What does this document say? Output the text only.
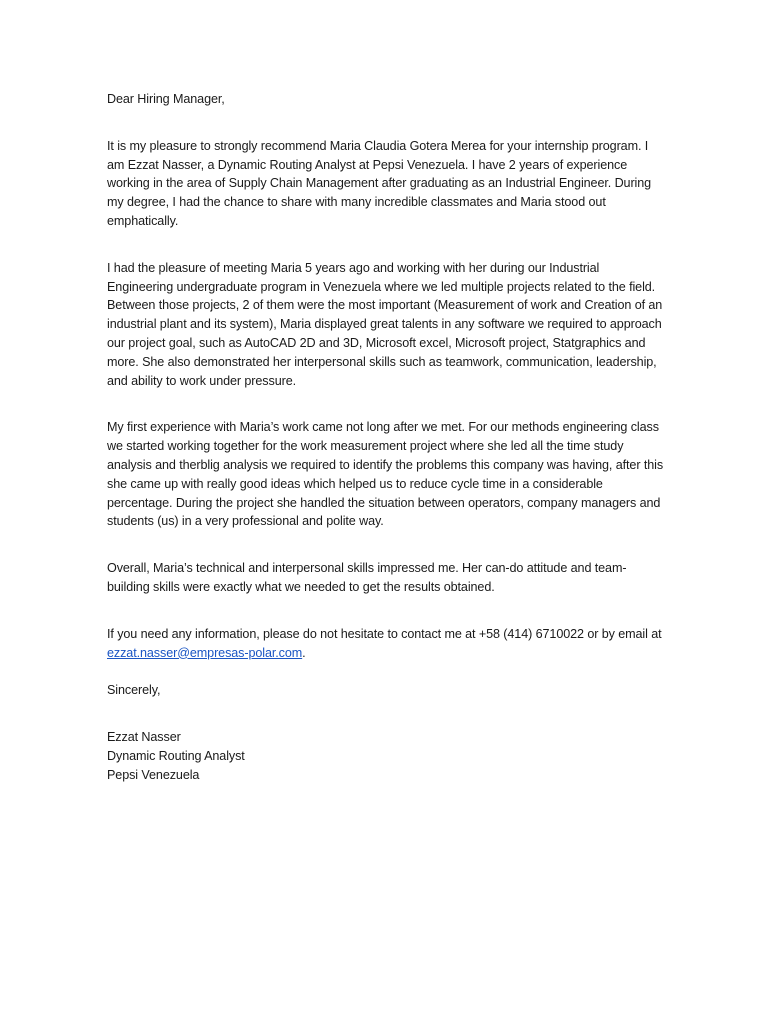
Dear Hiring Manager,

It is my pleasure to strongly recommend Maria Claudia Gotera Merea for your internship program. I am Ezzat Nasser, a Dynamic Routing Analyst at Pepsi Venezuela. I have 2 years of experience working in the area of Supply Chain Management after graduating as an Industrial Engineer. During my degree, I had the chance to share with many incredible classmates and Maria stood out emphatically.

I had the pleasure of meeting Maria 5 years ago and working with her during our Industrial Engineering undergraduate program in Venezuela where we led multiple projects related to the field. Between those projects, 2 of them were the most important (Measurement of work and Creation of an industrial plant and its system), Maria displayed great talents in any software we required to approach our project goal, such as AutoCAD 2D and 3D, Microsoft excel, Microsoft project, Statgraphics and more. She also demonstrated her interpersonal skills such as teamwork, communication, leadership, and ability to work under pressure.

My first experience with Maria’s work came not long after we met. For our methods engineering class we started working together for the work measurement project where she led all the time study analysis and therblig analysis we required to identify the problems this company was having, after this she came up with really good ideas which helped us to reduce cycle time in a considerable percentage. During the project she handled the situation between operators, company managers and students (us) in a very professional and polite way.

Overall, Maria’s technical and interpersonal skills impressed me. Her can-do attitude and team-building skills were exactly what we needed to get the results obtained.

If you need any information, please do not hesitate to contact me at +58 (414) 6710022 or by email at ezzat.nasser@empresas-polar.com.

Sincerely,

Ezzat Nasser
Dynamic Routing Analyst
Pepsi Venezuela
